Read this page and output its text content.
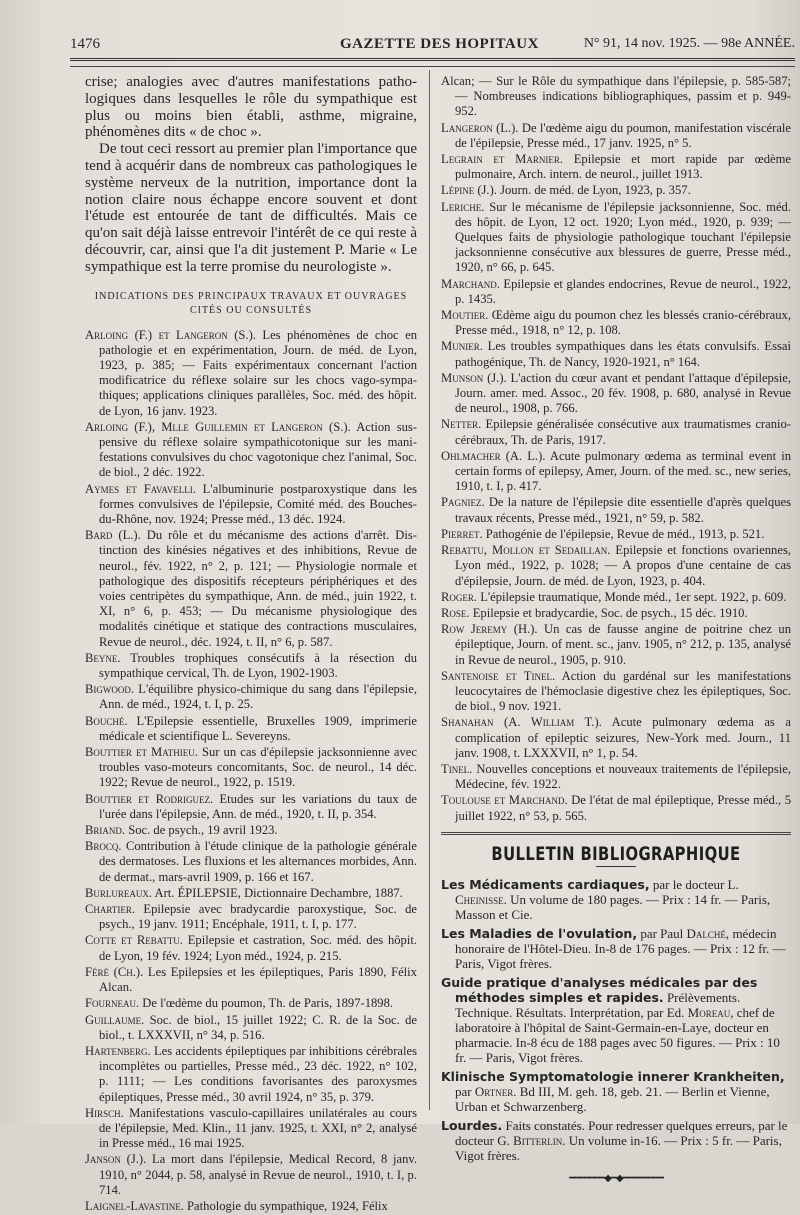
1476	GAZETTE DES HOPITAUX	N° 91, 14 nov. 1925. — 98e ANNÉE.

crise; analogies avec d'autres manifestations pathologiques dans lesquelles le rôle du sympathique est plus ou moins bien établi, asthme, migraine, phénomènes dits « de choc ».

De tout ceci ressort au premier plan l'importance que tend à acquérir dans de nombreux cas pathologiques le système nerveux de la nutrition, importance dont la notion claire nous échappe encore souvent et dont l'étude est entourée de tant de difficultés. Mais ce qu'on sait déjà laisse entrevoir l'intérêt de ce qui reste à découvrir, car, ainsi que l'a dit justement P. Marie « Le sympathique est la terre promise du neurologiste ».

INDICATIONS DES PRINCIPAUX TRAVAUX ET OUVRAGES
CITÉS OU CONSULTÉS

Arloing (F.) et Langeron (S.). Les phénomènes de choc en pathologie et en expérimentation, Journ. de méd. de Lyon, 1923, p. 385; — Faits expérimentaux concernant l'action modificatrice du réflexe solaire sur les chocs vago-sympathiques; applications cliniques parallèles, Soc. méd. des hôpit. de Lyon, 16 janv. 1923.

Arloing (F.), Mlle Guillemin et Langeron (S.). Action suspensive du réflexe solaire sympathicotonique sur les manifestations convulsives du choc vagotonique chez l'animal, Soc. de biol., 2 déc. 1922.

Aymes et Favavelli. L'albuminurie postparoxystique dans les formes convulsives de l'épilepsie, Comité méd. des Bouches-du-Rhône, nov. 1924; Presse méd., 13 déc. 1924.

Bard (L.). Du rôle et du mécanisme des actions d'arrêt. Distinction des kinésies négatives et des inhibitions, Revue de neurol., fév. 1922, n° 2, p. 121; — Physiologie normale et pathologique des dispositifs récepteurs périphériques et des voies centripètes du sympathique, Ann. de méd., juin 1922, t. XI, n° 6, p. 453; — Du mécanisme physiologique des modalités cinétique et statique des contractions musculaires, Revue de neurol., déc. 1924, t. II, n° 6, p. 587.

Beyne. Troubles trophiques consécutifs à la résection du sympathique cervical, Th. de Lyon, 1902-1903.

Bigwood. L'équilibre physico-chimique du sang dans l'épilepsie, Ann. de méd., 1924, t. I, p. 25.

Bouché. L'Epilepsie essentielle, Bruxelles 1909, imprimerie médicale et scientifique L. Severeyns.

Bouttier et Mathieu. Sur un cas d'épilepsie jacksonnienne avec troubles vaso-moteurs concomitants, Soc. de neurol., 14 déc. 1922; Revue de neurol., 1922, p. 1519.

Bouttier et Rodriguez. Etudes sur les variations du taux de l'urée dans l'épilepsie, Ann. de méd., 1920, t. II, p. 354.

Briand. Soc. de psych., 19 avril 1923.

Brocq. Contribution à l'étude clinique de la pathologie générale des dermatoses. Les fluxions et les alternances morbides, Ann. de dermat., mars-avril 1909, p. 166 et 167.

Burlureaux. Art. ÉPILEPSIE, Dictionnaire Dechambre, 1887.

Chartier. Epilepsie avec bradycardie paroxystique, Soc. de psych., 19 janv. 1911; Encéphale, 1911, t. I, p. 177.

Cotte et Rebattu. Epilepsie et castration, Soc. méd. des hôpit. de Lyon, 19 fév. 1924; Lyon méd., 1924, p. 215.

Féré (Ch.). Les Epilepsies et les épileptiques, Paris 1890, Félix Alcan.

Fourneau. De l'œdème du poumon, Th. de Paris, 1897-1898.

Guillaume. Soc. de biol., 15 juillet 1922; C. R. de la Soc. de biol., t. LXXXVII, n° 34, p. 516.

Hartenberg. Les accidents épileptiques par inhibitions cérébrales incomplètes ou partielles, Presse méd., 23 déc. 1922, n° 102, p. 1111; — Les conditions favorisantes des paroxysmes épileptiques, Presse méd., 30 avril 1924, n° 35, p. 379.

Hirsch. Manifestations vasculo-capillaires unilatérales au cours de l'épilepsie, Med. Klin., 11 janv. 1925, t. XXI, n° 2, analysé in Presse méd., 16 mai 1925.

Janson (J.). La mort dans l'épilepsie, Medical Record, 8 janv. 1910, n° 2044, p. 58, analysé in Revue de neurol., 1910, t. I, p. 714.

Laignel-Lavastine. Pathologie du sympathique, 1924, Félix

Alcan; — Sur le Rôle du sympathique dans l'épilepsie, p. 585-587; — Nombreuses indications bibliographiques, passim et p. 949-952.

Langeron (L.). De l'œdème aigu du poumon, manifestation viscérale de l'épilepsie, Presse méd., 17 janv. 1925, n° 5.

Legrain et Marnier. Epilepsie et mort rapide par œdème pulmonaire, Arch. intern. de neurol., juillet 1913.

Lépine (J.). Journ. de méd. de Lyon, 1923, p. 357.

Leriche. Sur le mécanisme de l'épilepsie jacksonnienne, Soc. méd. des hôpit. de Lyon, 12 oct. 1920; Lyon méd., 1920, p. 939; — Quelques faits de physiologie pathologique touchant l'épilepsie jacksonnienne consécutive aux blessures de guerre, Presse méd., 1920, n° 66, p. 645.

Marchand. Epilepsie et glandes endocrines, Revue de neurol., 1922, p. 1435.

Moutier. Œdème aigu du poumon chez les blessés cranio-cérébraux, Presse méd., 1918, n° 12, p. 108.

Munier. Les troubles sympathiques dans les états convulsifs. Essai pathogénique, Th. de Nancy, 1920-1921, n° 164.

Munson (J.). L'action du cœur avant et pendant l'attaque d'épilepsie, Journ. amer. med. Assoc., 20 fév. 1908, p. 680, analysé in Revue de neurol., 1908, p. 766.

Netter. Epilepsie généralisée consécutive aux traumatismes cranio-cérébraux, Th. de Paris, 1917.

Ohlmacher (A. L.). Acute pulmonary œdema as terminal event in certain forms of epilepsy, Amer, Journ. of the med. sc., new series, 1910, t. I, p. 417.

Pagniez. De la nature de l'épilepsie dite essentielle d'après quelques travaux récents, Presse méd., 1921, n° 59, p. 582.

Pierret. Pathogénie de l'épilepsie, Revue de méd., 1913, p. 521.

Rebattu, Mollon et Sedaillan. Epilepsie et fonctions ovariennes, Lyon méd., 1922, p. 1028; — A propos d'une centaine de cas d'épilepsie, Journ. de méd. de Lyon, 1923, p. 404.

Roger. L'épilepsie traumatique, Monde méd., 1er sept. 1922, p. 609.

Rose. Epilepsie et bradycardie, Soc. de psych., 15 déc. 1910.

Row Jeremy (H.). Un cas de fausse angine de poitrine chez un épileptique, Journ. of ment. sc., janv. 1905, n° 212, p. 135, analysé in Revue de neurol., 1905, p. 910.

Santenoise et Tinel. Action du gardénal sur les manifestations leucocytaires de l'hémoclasie digestive chez les épileptiques, Soc. de biol., 9 nov. 1921.

Shanahan (A. William T.). Acute pulmonary œdema as a complication of epileptic seizures, New-York med. Journ., 11 janv. 1908, t. LXXXVII, n° 1, p. 54.

Tinel. Nouvelles conceptions et nouveaux traitements de l'épilepsie, Médecine, fév. 1922.

Toulouse et Marchand. De l'état de mal épileptique, Presse méd., 5 juillet 1922, n° 53, p. 565.

BULLETIN BIBLIOGRAPHIQUE

Les Médicaments cardiaques, par le docteur L. Cheinisse. Un volume de 180 pages. — Prix : 14 fr. — Paris, Masson et Cie.

Les Maladies de l'ovulation, par Paul Dalché, médecin honoraire de l'Hôtel-Dieu. In-8 de 176 pages. — Prix : 12 fr. — Paris, Vigot frères.

Guide pratique d'analyses médicales par des méthodes simples et rapides. Prélèvements. Technique. Résultats. Interprétation, par Ed. Moreau, chef de laboratoire à l'hôpital de Saint-Germain-en-Laye, docteur en pharmacie. In-8 écu de 188 pages avec 50 figures. — Prix : 10 fr. — Paris, Vigot frères.

Klinische Symptomatologie innerer Krankheiten, par Ortner. Bd III, M. geh. 18, geb. 21. — Berlin et Vienne, Urban et Schwarzenberg.

Lourdes. Faits constatés. Pour redresser quelques erreurs, par le docteur G. Bitterlin. Un volume in-16. — Prix : 5 fr. — Paris, Vigot frères.

━━━━━━━◆━◆━━━━━━━━
